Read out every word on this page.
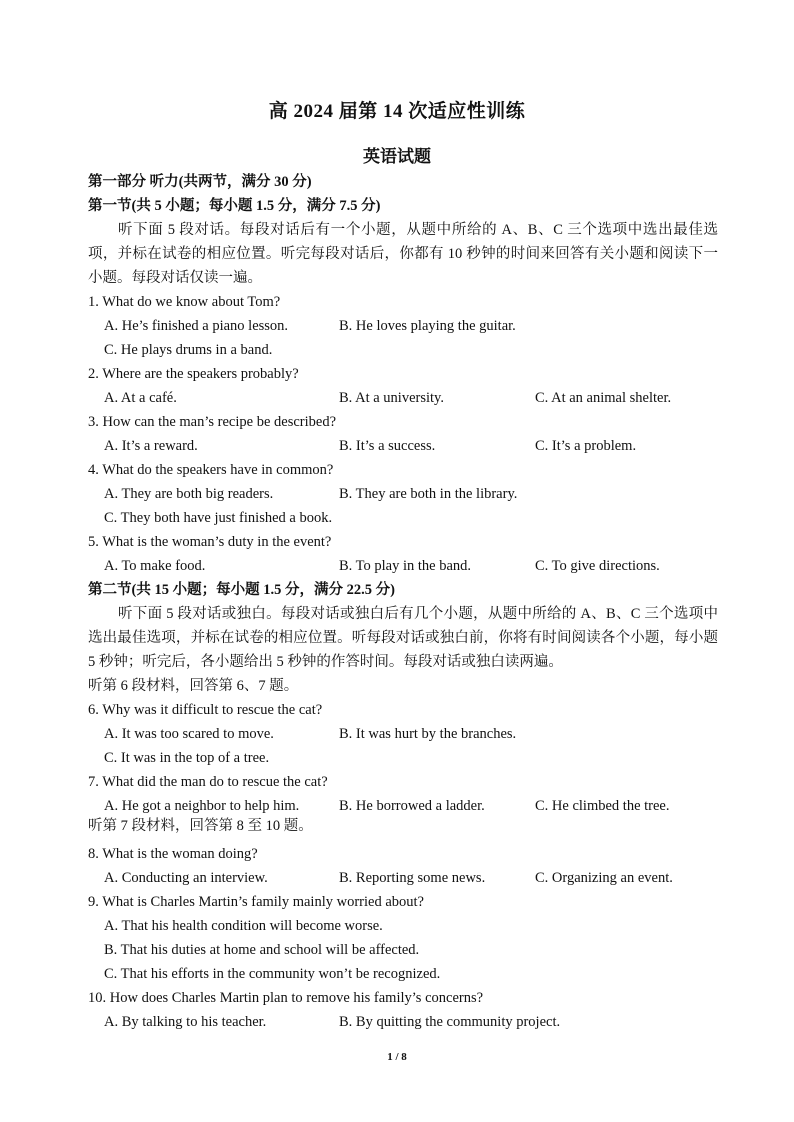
高 2024 届第 14 次适应性训练
英语试题
第一部分 听力(共两节，满分 30 分)
第一节(共 5 小题；每小题 1.5 分，满分 7.5 分)
听下面 5 段对话。每段对话后有一个小题，从题中所给的 A、B、C 三个选项中选出最佳选项，并标在试卷的相应位置。听完每段对话后，你都有 10 秒钟的时间来回答有关小题和阅读下一小题。每段对话仅读一遍。
1. What do we know about Tom?
A. He’s finished a piano lesson.	B. He loves playing the guitar.
C. He plays drums in a band.
2. Where are the speakers probably?
A. At a café.	B. At a university.	C. At an animal shelter.
3. How can the man’s recipe be described?
A. It’s a reward.	B. It’s a success.	C. It’s a problem.
4. What do the speakers have in common?
A. They are both big readers.	B. They are both in the library.
C. They both have just finished a book.
5. What is the woman’s duty in the event?
A. To make food.	B. To play in the band.	C. To give directions.
第二节(共 15 小题；每小题 1.5 分，满分 22.5 分)
听下面 5 段对话或独白。每段对话或独白后有几个小题，从题中所给的 A、B、C 三个选项中选出最佳选项，并标在试卷的相应位置。听每段对话或独白前，你将有时间阅读各个小题，每小题 5 秒钟；听完后，各小题给出 5 秒钟的作答时间。每段对话或独白读两遍。
听第 6 段材料，回答第 6、7 题。
6. Why was it difficult to rescue the cat?
A. It was too scared to move.	B. It was hurt by the branches.
C. It was in the top of a tree.
7. What did the man do to rescue the cat?
A. He got a neighbor to help him.	B. He borrowed a ladder.	C. He climbed the tree.
听第 7 段材料，回答第 8 至 10 题。
8. What is the woman doing?
A. Conducting an interview.	B. Reporting some news.	C. Organizing an event.
9. What is Charles Martin’s family mainly worried about?
A. That his health condition will become worse.
B. That his duties at home and school will be affected.
C. That his efforts in the community won’t be recognized.
10. How does Charles Martin plan to remove his family’s concerns?
A. By talking to his teacher.	B. By quitting the community project.
1 / 8
